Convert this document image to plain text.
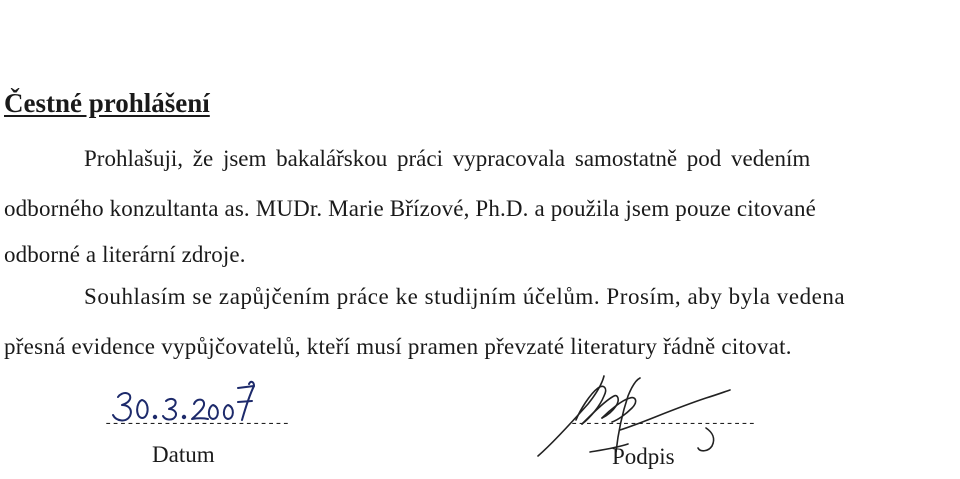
Čestné prohlášení

Prohlašuji, že jsem bakalářskou práci vypracovala samostatně pod vedením

odborného konzultanta as. MUDr. Marie Břízové, Ph.D. a použila jsem pouze citované

odborné a literární zdroje.

Souhlasím se zapůjčením práce ke studijním účelům. Prosím, aby byla vedena

přesná evidence vypůjčovatelů, kteří musí pramen převzaté literatury řádně citovat.

-------------------------
Datum
-------------------------
Podpis
